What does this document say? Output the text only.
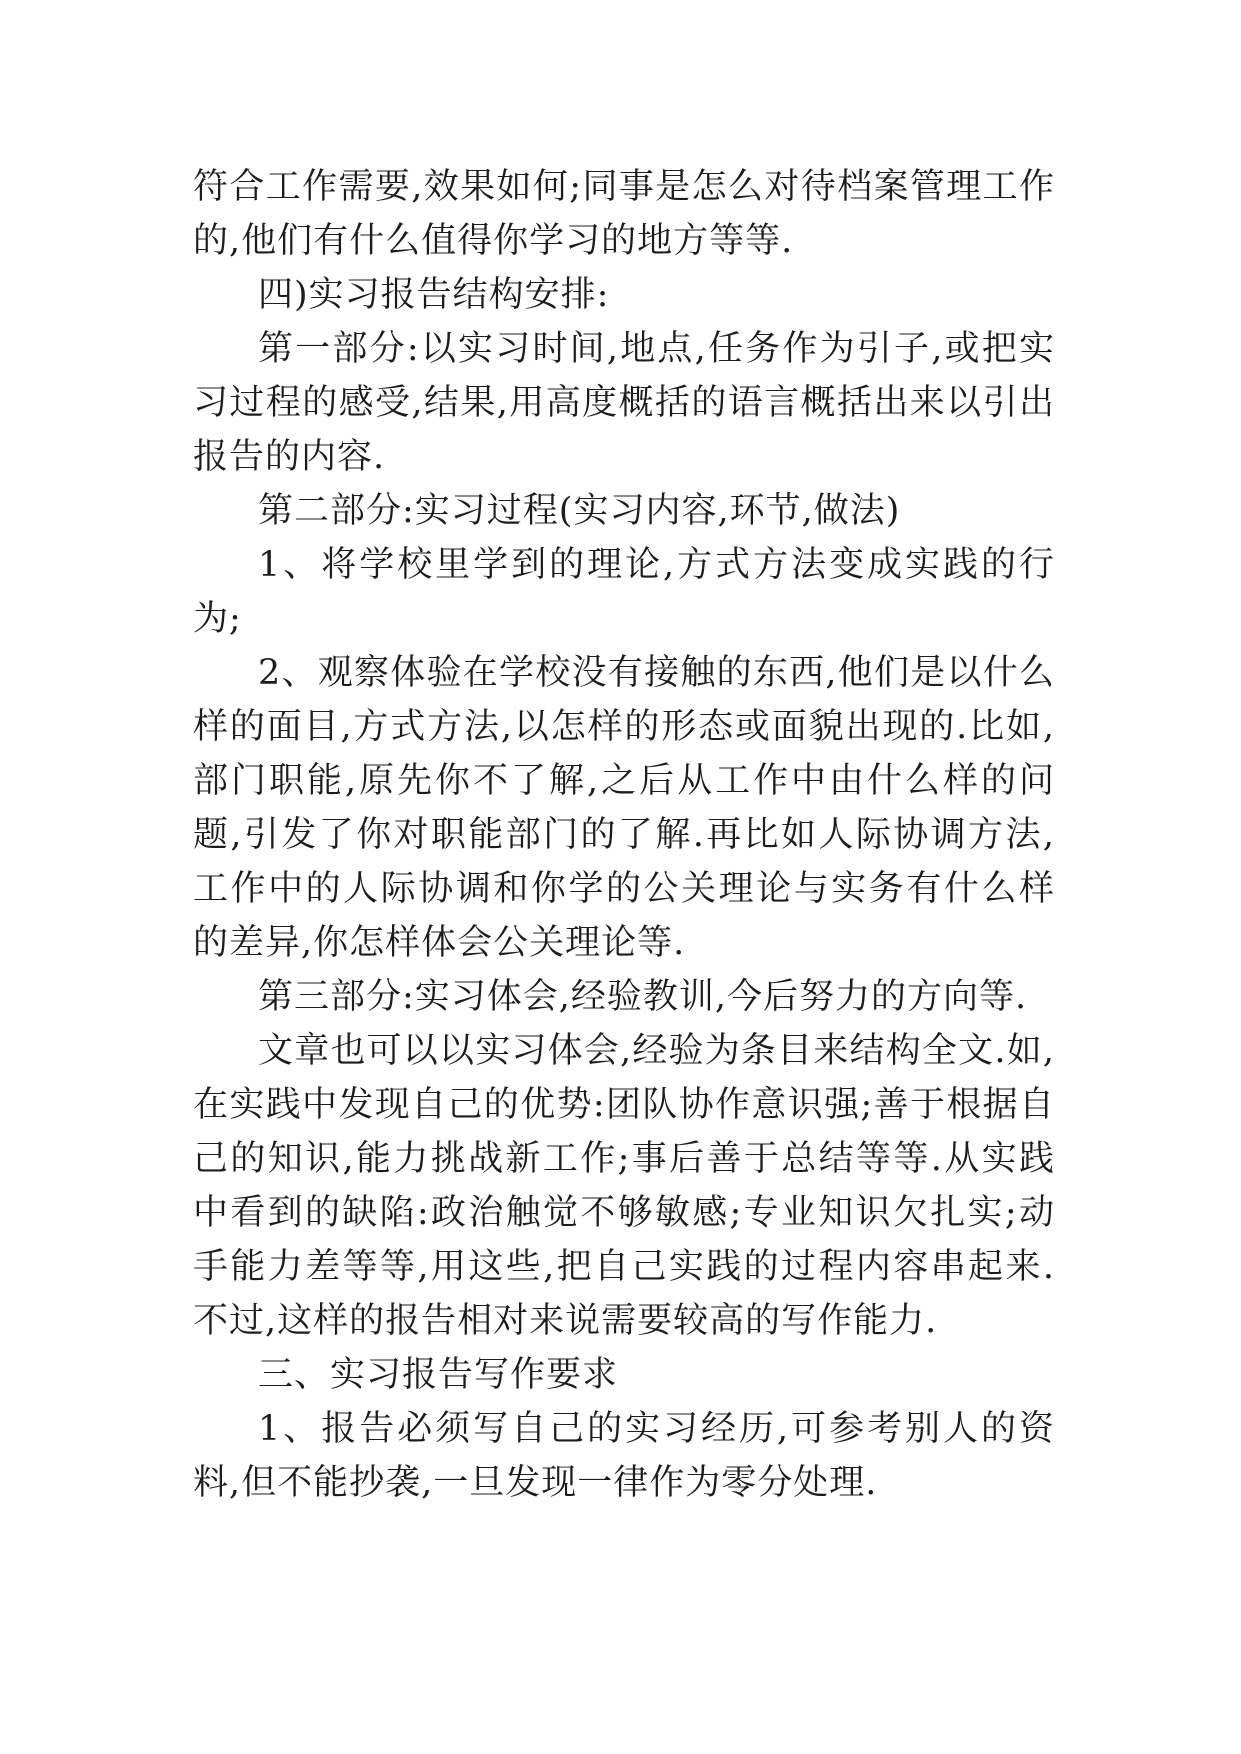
符合工作需要,效果如何;同事是怎么对待档案管理工作的,他们有什么值得你学习的地方等等.

四)实习报告结构安排:

第一部分:以实习时间,地点,任务作为引子,或把实习过程的感受,结果,用高度概括的语言概括出来以引出报告的内容.

第二部分:实习过程(实习内容,环节,做法)

1、将学校里学到的理论,方式方法变成实践的行为;

2、观察体验在学校没有接触的东西,他们是以什么样的面目,方式方法,以怎样的形态或面貌出现的.比如,部门职能,原先你不了解,之后从工作中由什么样的问题,引发了你对职能部门的了解.再比如人际协调方法,工作中的人际协调和你学的公关理论与实务有什么样的差异,你怎样体会公关理论等.

第三部分:实习体会,经验教训,今后努力的方向等.

文章也可以以实习体会,经验为条目来结构全文.如,在实践中发现自己的优势:团队协作意识强;善于根据自己的知识,能力挑战新工作;事后善于总结等等.从实践中看到的缺陷:政治触觉不够敏感;专业知识欠扎实;动手能力差等等,用这些,把自己实践的过程内容串起来.不过,这样的报告相对来说需要较高的写作能力.

三、实习报告写作要求

1、报告必须写自己的实习经历,可参考别人的资料,但不能抄袭,一旦发现一律作为零分处理.
